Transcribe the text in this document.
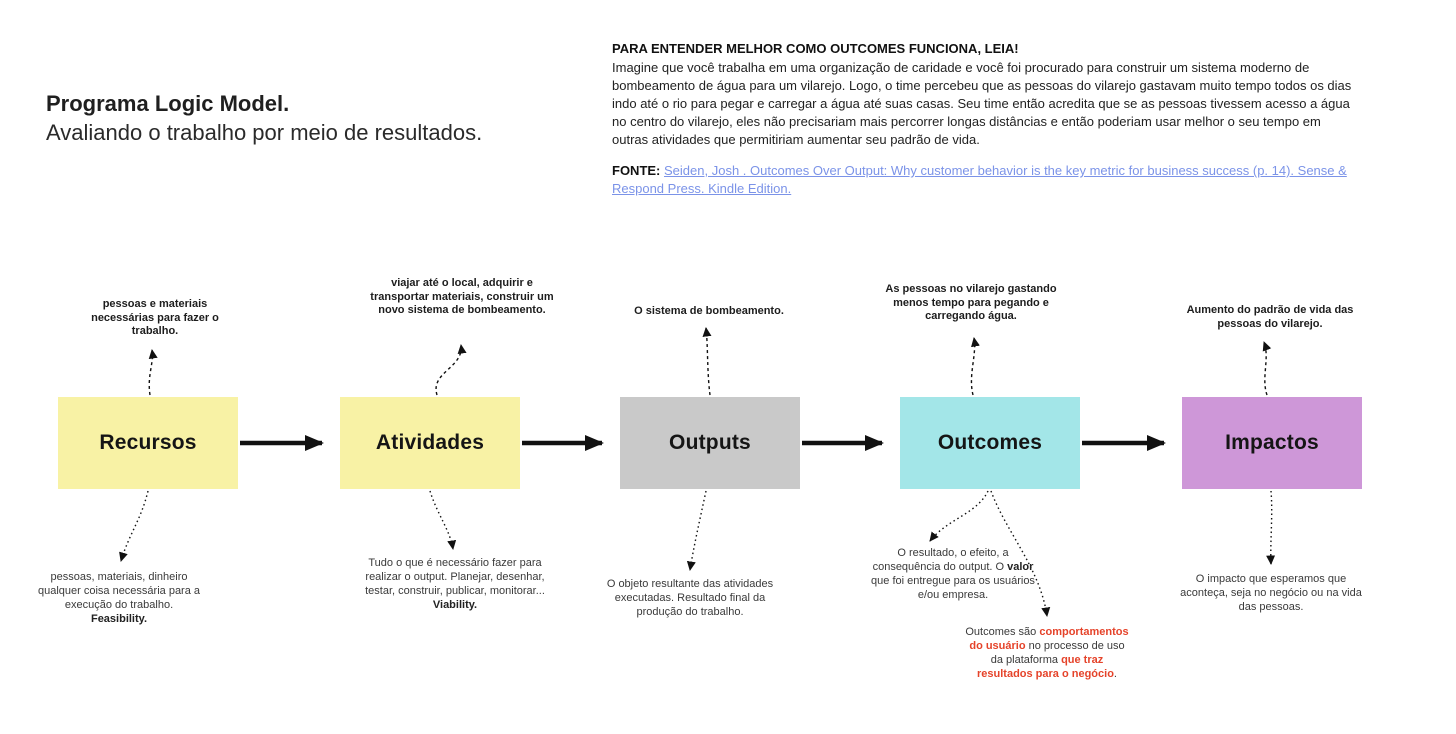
Programa Logic Model.
Avaliando o trabalho por meio de resultados.
PARA ENTENDER MELHOR COMO OUTCOMES FUNCIONA, LEIA!
Imagine que você trabalha em uma organização de caridade e você foi procurado para construir um sistema moderno de bombeamento de água para um vilarejo. Logo, o time percebeu que as pessoas do vilarejo gastavam muito tempo todos os dias indo até o rio para pegar e carregar a água até suas casas. Seu time então acredita que se as pessoas tivessem acesso a água no centro do vilarejo, eles não precisariam mais percorrer longas distâncias e então poderiam usar melhor o seu tempo em outras atividades que permitiriam aumentar seu padrão de vida.
FONTE: Seiden, Josh . Outcomes Over Output: Why customer behavior is the key metric for business success (p. 14). Sense & Respond Press. Kindle Edition.
Recursos	Atividades	Outputs	Outcomes	Impactos
pessoas e materiais necessárias para fazer o trabalho.
viajar até o local, adquirir e transportar materiais, construir um novo sistema de bombeamento.	O sistema de bombeamento.
As pessoas no vilarejo gastando menos tempo para pegando e carregando água.	Aumento do padrão de vida das pessoas do vilarejo.
pessoas, materiais, dinheiro qualquer coisa necessária para a execução do trabalho.
Feasibility.
Tudo o que é necessário fazer para realizar o output. Planejar, desenhar, testar, construir, publicar, monitorar...
Viability.
O objeto resultante das atividades executadas. Resultado final da produção do trabalho.
O resultado, o efeito, a consequência do output. O valor que foi entregue para os usuários e/ou empresa.
Outcomes são comportamentos do usuário no processo de uso da plataforma que traz resultados para o negócio.
O impacto que esperamos que aconteça, seja no negócio ou na vida das pessoas.
